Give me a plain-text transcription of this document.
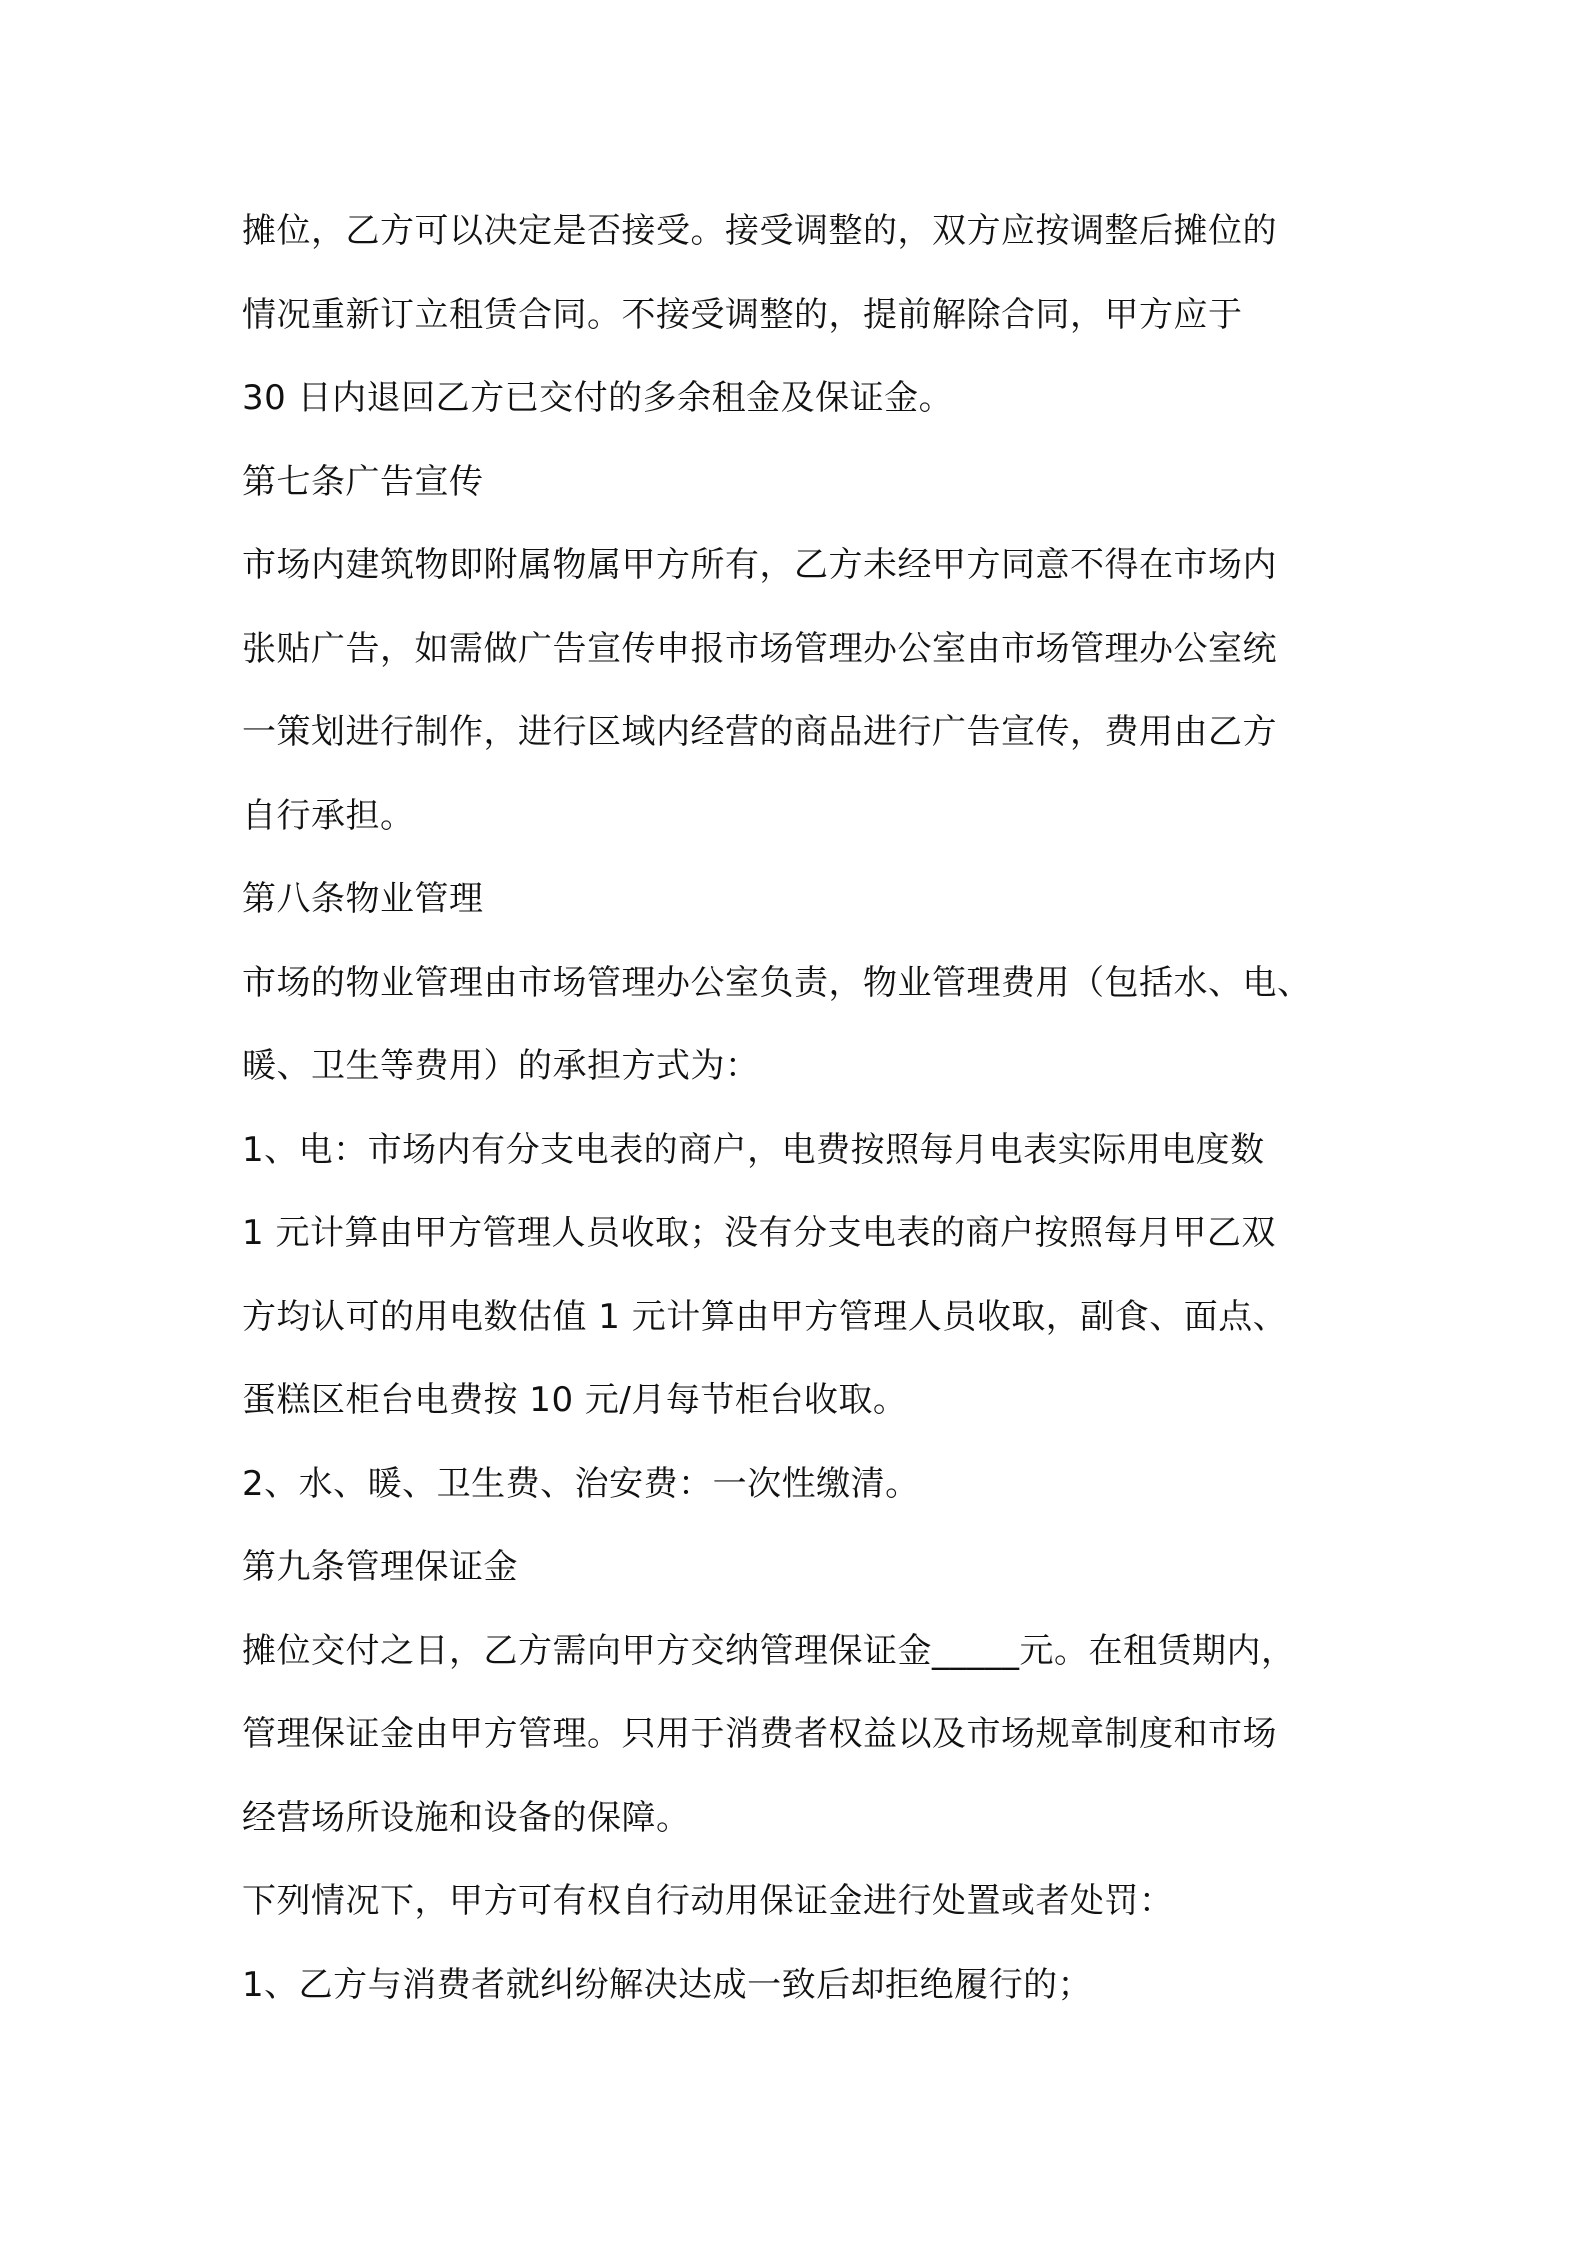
摊位，乙方可以决定是否接受。接受调整的，双方应按调整后摊位的
情况重新订立租赁合同。不接受调整的，提前解除合同，甲方应于
30 日内退回乙方已交付的多余租金及保证金。
第七条广告宣传
市场内建筑物即附属物属甲方所有，乙方未经甲方同意不得在市场内
张贴广告，如需做广告宣传申报市场管理办公室由市场管理办公室统
一策划进行制作，进行区域内经营的商品进行广告宣传，费用由乙方
自行承担。
第八条物业管理
市场的物业管理由市场管理办公室负责，物业管理费用（包括水、电、
暖、卫生等费用）的承担方式为：
1、电：市场内有分支电表的商户，电费按照每月电表实际用电度数
1 元计算由甲方管理人员收取；没有分支电表的商户按照每月甲乙双
方均认可的用电数估值 1 元计算由甲方管理人员收取，副食、面点、
蛋糕区柜台电费按 10 元/月每节柜台收取。
2、水、暖、卫生费、治安费：一次性缴清。
第九条管理保证金
摊位交付之日，乙方需向甲方交纳管理保证金_____元。在租赁期内，
管理保证金由甲方管理。只用于消费者权益以及市场规章制度和市场
经营场所设施和设备的保障。
下列情况下，甲方可有权自行动用保证金进行处置或者处罚：
1、乙方与消费者就纠纷解决达成一致后却拒绝履行的；
